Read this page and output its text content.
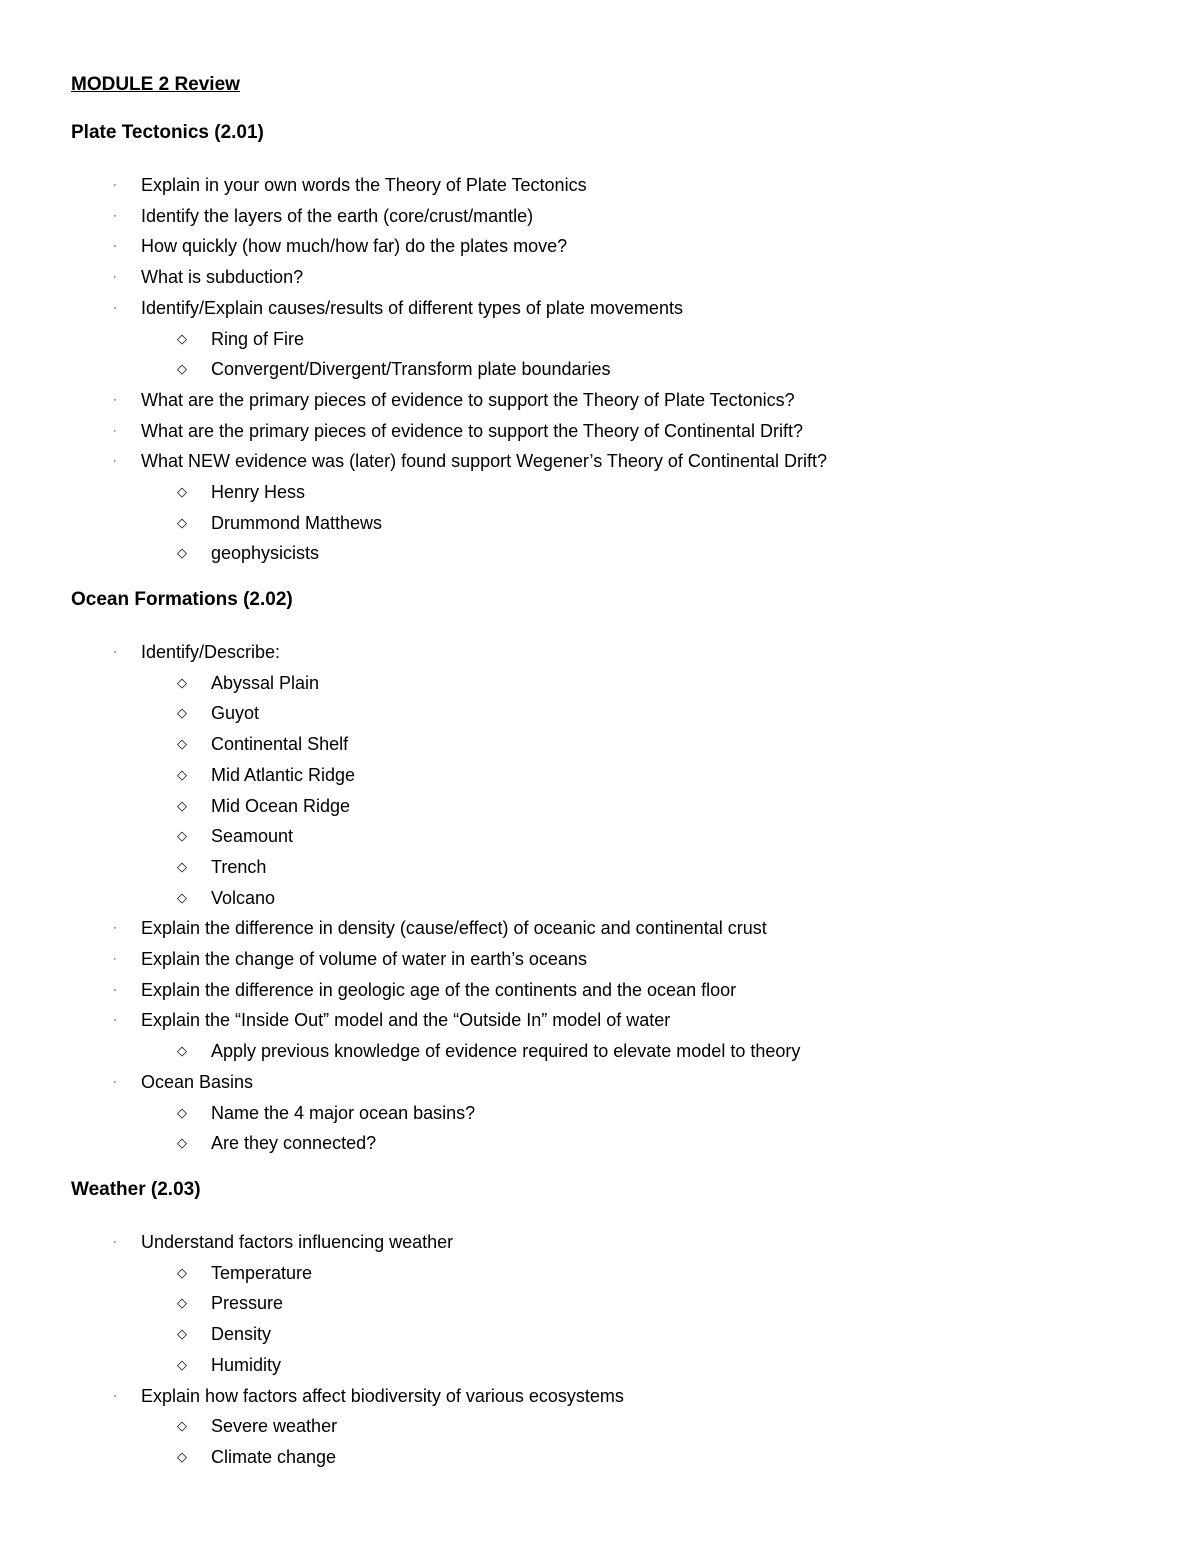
MODULE 2 Review
Plate Tectonics (2.01)
· Explain in your own words the Theory of Plate Tectonics
· Identify the layers of the earth (core/crust/mantle)
· How quickly (how much/how far) do the plates move?
· What is subduction?
· Identify/Explain causes/results of different types of plate movements
◇ Ring of Fire
◇ Convergent/Divergent/Transform plate boundaries
· What are the primary pieces of evidence to support the Theory of Plate Tectonics?
· What are the primary pieces of evidence to support the Theory of Continental Drift?
· What NEW evidence was (later) found support Wegener’s Theory of Continental Drift?
◇ Henry Hess
◇ Drummond Matthews
◇ geophysicists
Ocean Formations (2.02)
· Identify/Describe:
◇ Abyssal Plain
◇ Guyot
◇ Continental Shelf
◇ Mid Atlantic Ridge
◇ Mid Ocean Ridge
◇ Seamount
◇ Trench
◇ Volcano
· Explain the difference in density (cause/effect) of oceanic and continental crust
· Explain the change of volume of water in earth’s oceans
· Explain the difference in geologic age of the continents and the ocean floor
· Explain the “Inside Out” model and the “Outside In” model of water
◇ Apply previous knowledge of evidence required to elevate model to theory
· Ocean Basins
◇ Name the 4 major ocean basins?
◇ Are they connected?
Weather (2.03)
· Understand factors influencing weather
◇ Temperature
◇ Pressure
◇ Density
◇ Humidity
· Explain how factors affect biodiversity of various ecosystems
◇ Severe weather
◇ Climate change
